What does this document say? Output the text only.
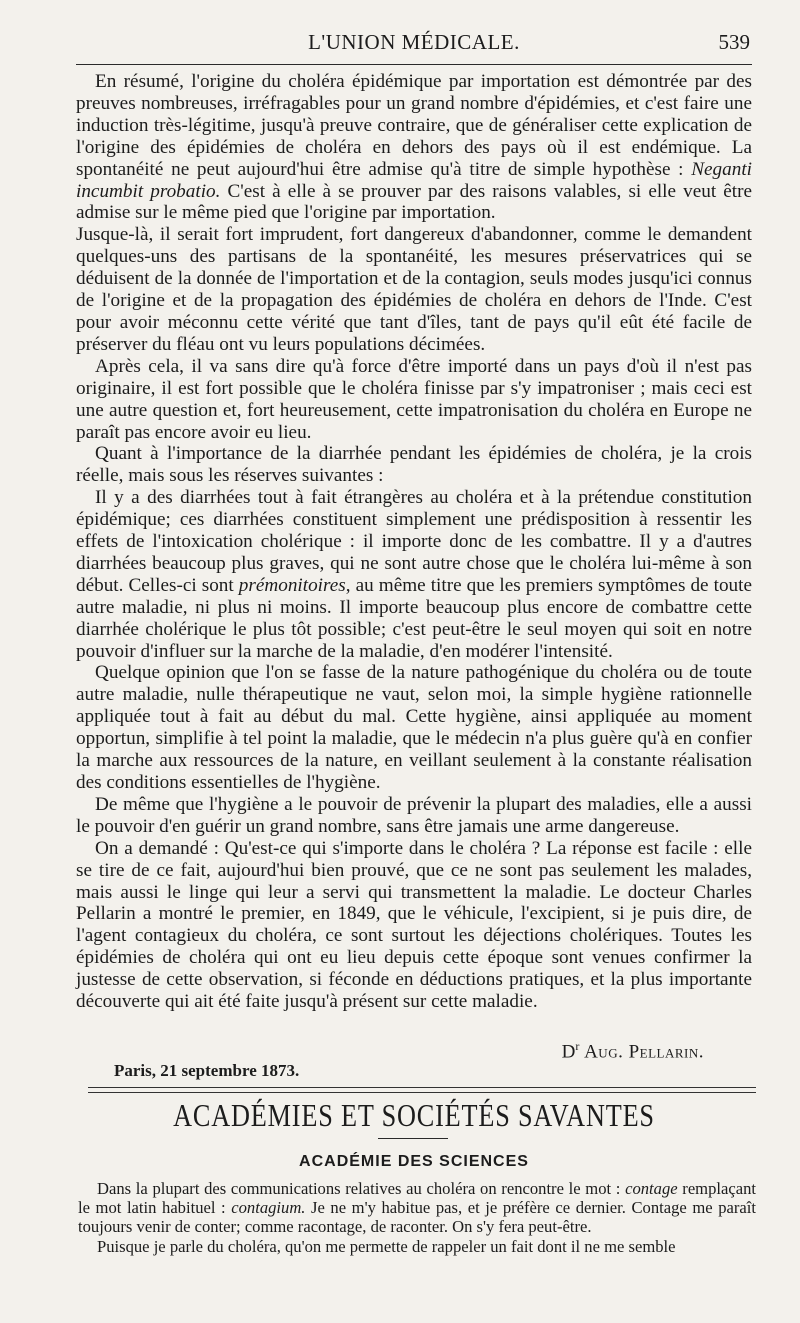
L'UNION MÉDICALE.	539

En résumé, l'origine du choléra épidémique par importation est démontrée par des preuves nombreuses, irréfragables pour un grand nombre d'épidémies, et c'est faire une induction très-légitime, jusqu'à preuve contraire, que de généraliser cette explication de l'origine des épidémies de choléra en dehors des pays où il est endémique. La spontanéité ne peut aujourd'hui être admise qu'à titre de simple hypothèse : Neganti incumbit probatio. C'est à elle à se prouver par des raisons valables, si elle veut être admise sur le même pied que l'origine par importation.

Jusque-là, il serait fort imprudent, fort dangereux d'abandonner, comme le demandent quelques-uns des partisans de la spontanéité, les mesures préservatrices qui se déduisent de la donnée de l'importation et de la contagion, seuls modes jusqu'ici connus de l'origine et de la propagation des épidémies de choléra en dehors de l'Inde. C'est pour avoir méconnu cette vérité que tant d'îles, tant de pays qu'il eût été facile de préserver du fléau ont vu leurs populations décimées.

Après cela, il va sans dire qu'à force d'être importé dans un pays d'où il n'est pas originaire, il est fort possible que le choléra finisse par s'y impatroniser ; mais ceci est une autre question et, fort heureusement, cette impatronisation du choléra en Europe ne paraît pas encore avoir eu lieu.

Quant à l'importance de la diarrhée pendant les épidémies de choléra, je la crois réelle, mais sous les réserves suivantes :

Il y a des diarrhées tout à fait étrangères au choléra et à la prétendue constitution épidémique; ces diarrhées constituent simplement une prédisposition à ressentir les effets de l'intoxication cholérique : il importe donc de les combattre. Il y a d'autres diarrhées beaucoup plus graves, qui ne sont autre chose que le choléra lui-même à son début. Celles-ci sont prémonitoires, au même titre que les premiers symptômes de toute autre maladie, ni plus ni moins. Il importe beaucoup plus encore de combattre cette diarrhée cholérique le plus tôt possible; c'est peut-être le seul moyen qui soit en notre pouvoir d'influer sur la marche de la maladie, d'en modérer l'intensité.

Quelque opinion que l'on se fasse de la nature pathogénique du choléra ou de toute autre maladie, nulle thérapeutique ne vaut, selon moi, la simple hygiène rationnelle appliquée tout à fait au début du mal. Cette hygiène, ainsi appliquée au moment opportun, simplifie à tel point la maladie, que le médecin n'a plus guère qu'à en confier la marche aux ressources de la nature, en veillant seulement à la constante réalisation des conditions essentielles de l'hygiène.

De même que l'hygiène a le pouvoir de prévenir la plupart des maladies, elle a aussi le pouvoir d'en guérir un grand nombre, sans être jamais une arme dangereuse.

On a demandé : Qu'est-ce qui s'importe dans le choléra ? La réponse est facile : elle se tire de ce fait, aujourd'hui bien prouvé, que ce ne sont pas seulement les malades, mais aussi le linge qui leur a servi qui transmettent la maladie. Le docteur Charles Pellarin a montré le premier, en 1849, que le véhicule, l'excipient, si je puis dire, de l'agent contagieux du choléra, ce sont surtout les déjections cholériques. Toutes les épidémies de choléra qui ont eu lieu depuis cette époque sont venues confirmer la justesse de cette observation, si féconde en déductions pratiques, et la plus importante découverte qui ait été faite jusqu'à présent sur cette maladie.

$D^r$ Aug. Pellarin.
Paris, 21 septembre 1873.
ACADÉMIES ET SOCIÉTÉS SAVANTES
ACADÉMIE DES SCIENCES

Dans la plupart des communications relatives au choléra on rencontre le mot : contage remplaçant le mot latin habituel : contagium. Je ne m'y habitue pas, et je préfère ce dernier. Contage me paraît toujours venir de conter; comme racontage, de raconter. On s'y fera peut-être.

Puisque je parle du choléra, qu'on me permette de rappeler un fait dont il ne me semble
